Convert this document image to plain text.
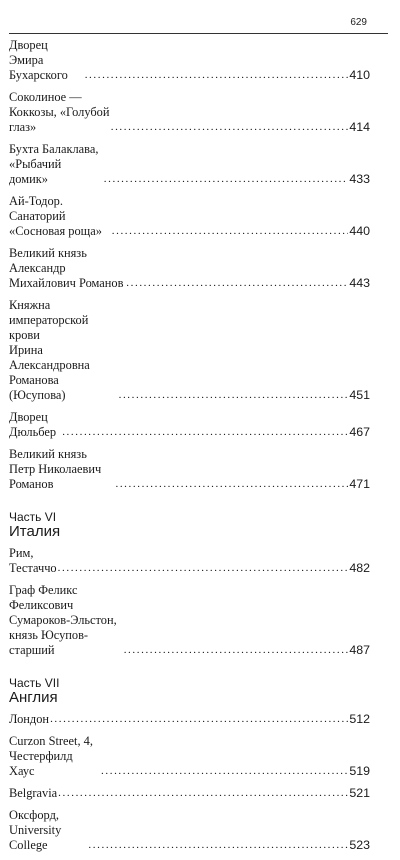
629
Дворец Эмира Бухарского .....	410
Соколиное — Коккозы, «Голубой глаз» .....	414
Бухта Балаклава, «Рыбачий домик» .....	433
Ай-Тодор. Санаторий «Сосновая роща» .....	440
Великий князь Александр Михайлович Романов .....	443
Княжна императорской крови
Ирина Александровна Романова (Юсупова) .....	451
Дворец Дюльбер .....	467
Великий князь Петр Николаевич Романов .....	471
Часть VI
Италия
Рим, Тестаччо .....	482
Граф Феликс Феликсович Сумароков-Эльстон,
князь Юсупов-старший .....	487
Часть VII
Англия
Лондон .....	512
Curzon Street, 4, Честерфилд Хаус .....	519
Belgravia .....	521
Оксфорд, University College .....	523
